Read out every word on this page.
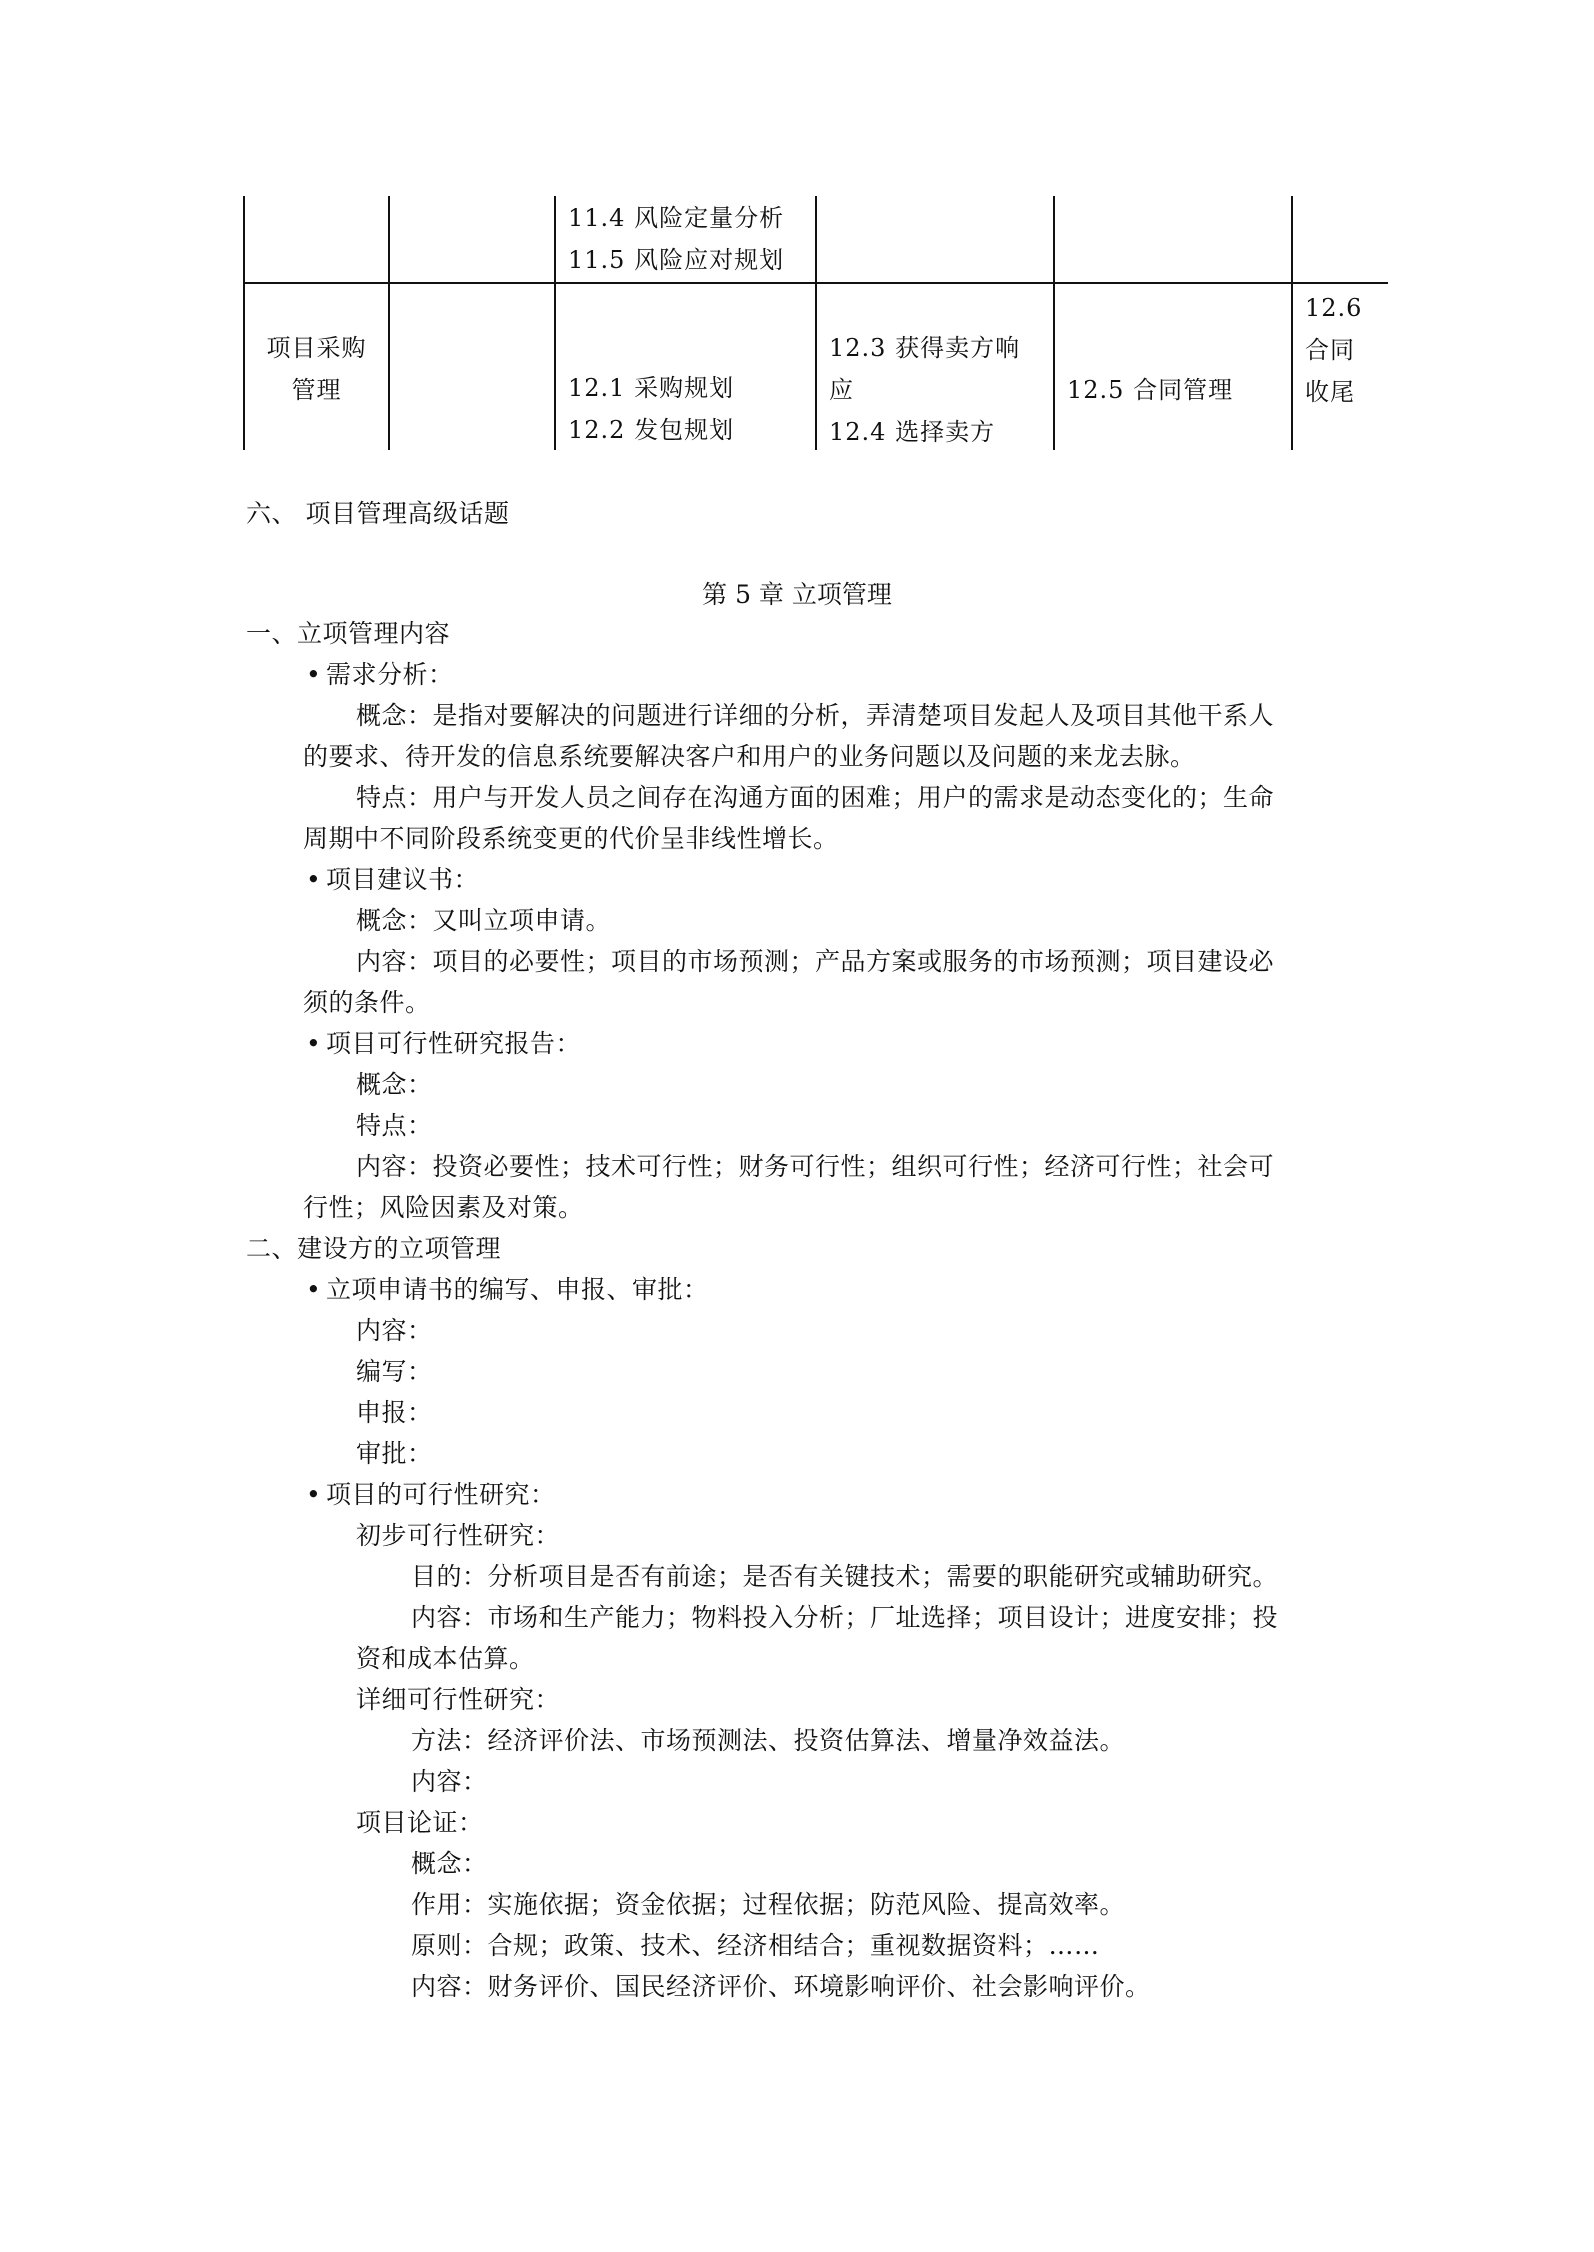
11.4 风险定量分析
11.5 风险应对规划
项目采购
管理	12.1 采购规划
12.2 发包规划
12.3 获得卖方响
应
12.4 选择卖方
12.5 合同管理
12.6
合同
收尾
六、 项目管理高级话题
第 5 章 立项管理
一、立项管理内容
• 需求分析：
概念：是指对要解决的问题进行详细的分析，弄清楚项目发起人及项目其他干系人
的要求、待开发的信息系统要解决客户和用户的业务问题以及问题的来龙去脉。
特点：用户与开发人员之间存在沟通方面的困难；用户的需求是动态变化的；生命
周期中不同阶段系统变更的代价呈非线性增长。
• 项目建议书：
概念：又叫立项申请。
内容：项目的必要性；项目的市场预测；产品方案或服务的市场预测；项目建设必
须的条件。
• 项目可行性研究报告：
概念：
特点：
内容：投资必要性；技术可行性；财务可行性；组织可行性；经济可行性；社会可
行性；风险因素及对策。
二、建设方的立项管理
• 立项申请书的编写、申报、审批：
内容：
编写：
申报：
审批：
• 项目的可行性研究：
初步可行性研究：
目的：分析项目是否有前途；是否有关键技术；需要的职能研究或辅助研究。
内容：市场和生产能力；物料投入分析；厂址选择；项目设计；进度安排；投
资和成本估算。
详细可行性研究：
方法：经济评价法、市场预测法、投资估算法、增量净效益法。
内容：
项目论证：
概念：
作用：实施依据；资金依据；过程依据；防范风险、提高效率。
原则：合规；政策、技术、经济相结合；重视数据资料；……
内容：财务评价、国民经济评价、环境影响评价、社会影响评价。
